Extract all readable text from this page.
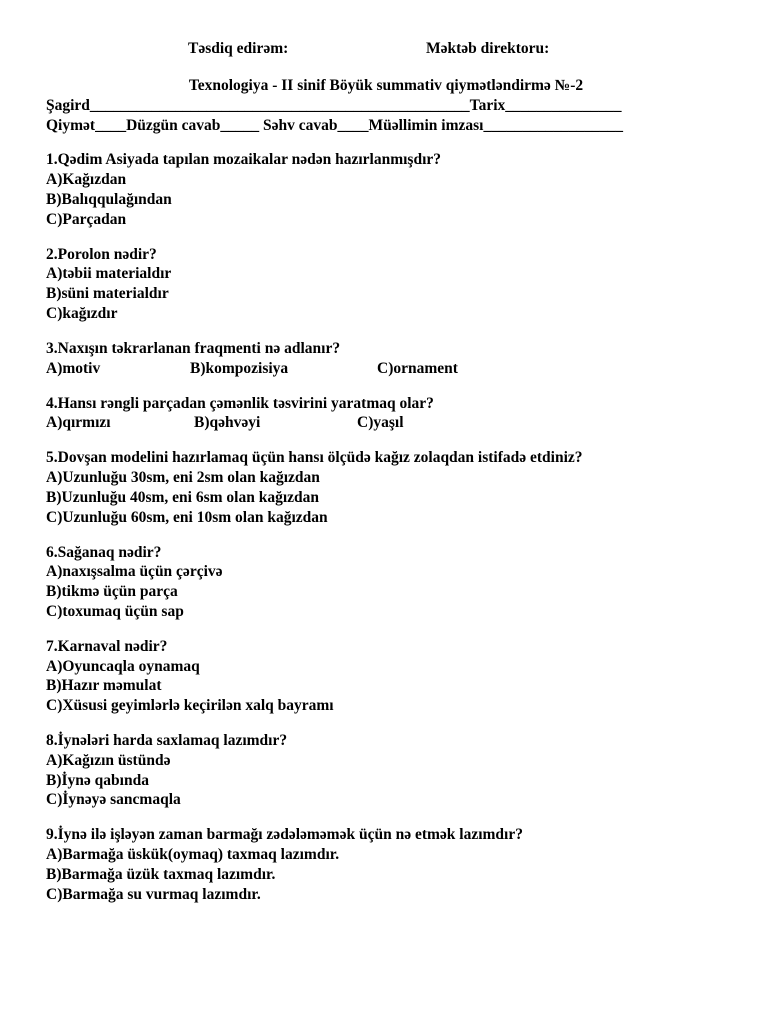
Təsdiq edirəm:	Məktəb direktoru:
Texnologiya - II sinif Böyük summativ qiymətləndirmə №-2
Şagird_________________________________________________Tarix_______________
Qiymət____Düzgün cavab_____ Səhv cavab____Müəllimin imzası__________________
1.Qədim Asiyada tapılan mozaikalar nədən hazırlanmışdır?
A)Kağızdan
B)Balıqqulağından
C)Parçadan
2.Porolon nədir?
A)təbii materialdır
B)süni materialdır
C)kağızdır
3.Naxışın təkrarlanan fraqmenti nə adlanır?
A)motiv	B)kompozisiya	C)ornament
4.Hansı rəngli parçadan çəmənlik təsvirini yaratmaq olar?
A)qırmızı	B)qəhvəyi	C)yaşıl
5.Dovşan modelini hazırlamaq üçün hansı ölçüdə kağız zolaqdan istifadə etdiniz?
A)Uzunluğu 30sm, eni 2sm olan kağızdan
B)Uzunluğu 40sm, eni 6sm olan kağızdan
C)Uzunluğu 60sm, eni 10sm olan kağızdan
6.Sağanaq nədir?
A)naxışsalma üçün çərçivə
B)tikmə üçün parça
C)toxumaq üçün sap
7.Karnaval nədir?
A)Oyuncaqla oynamaq
B)Hazır məmulat
C)Xüsusi geyimlərlə keçirilən xalq bayramı
8.İynələri harda saxlamaq lazımdır?
A)Kağızın üstündə
B)İynə qabında
C)İynəyə sancmaqla
9.İynə ilə işləyən zaman barmağı zədələməmək üçün nə etmək lazımdır?
A)Barmağa üskük(oymaq) taxmaq lazımdır.
B)Barmağa üzük taxmaq lazımdır.
C)Barmağa su vurmaq lazımdır.
